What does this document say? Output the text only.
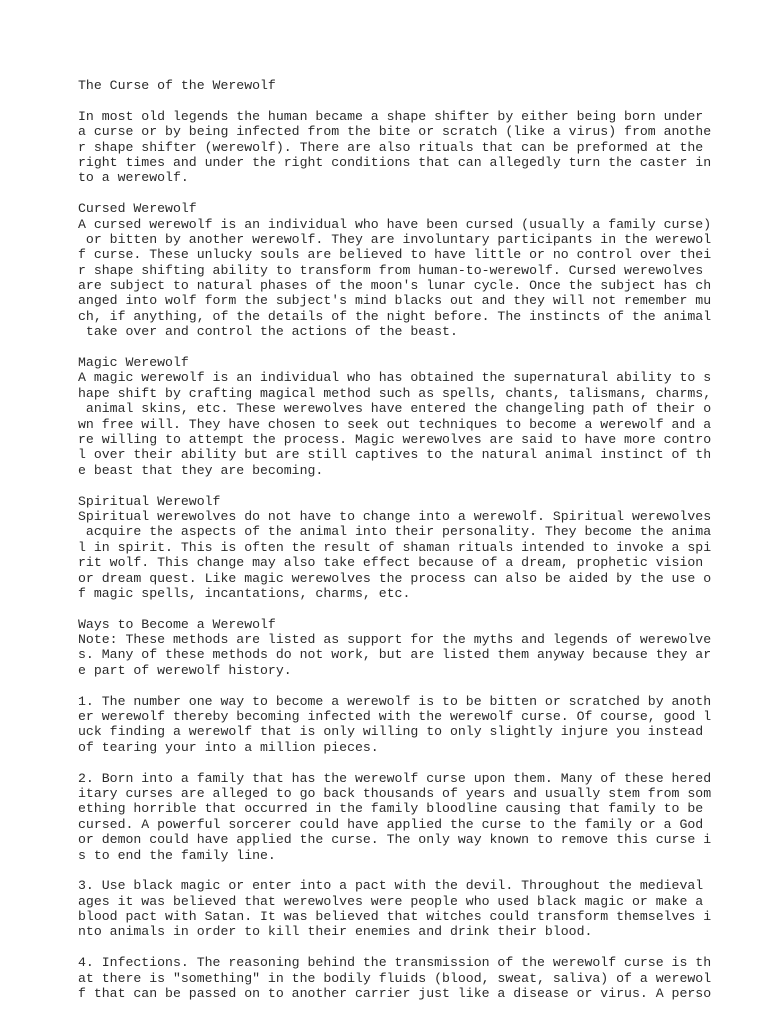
The Curse of the Werewolf
In most old legends the human became a shape shifter by either being born under
a curse or by being infected from the bite or scratch (like a virus) from anothe
r shape shifter (werewolf). There are also rituals that can be preformed at the
right times and under the right conditions that can allegedly turn the caster in
to a werewolf.
Cursed Werewolf
A cursed werewolf is an individual who have been cursed (usually a family curse)
or bitten by another werewolf. They are involuntary participants in the werewol
f curse. These unlucky souls are believed to have little or no control over thei
r shape shifting ability to transform from human-to-werewolf. Cursed werewolves
are subject to natural phases of the moon's lunar cycle. Once the subject has ch
anged into wolf form the subject's mind blacks out and they will not remember mu
ch, if anything, of the details of the night before. The instincts of the animal
take over and control the actions of the beast.
Magic Werewolf
A magic werewolf is an individual who has obtained the supernatural ability to s
hape shift by crafting magical method such as spells, chants, talismans, charms,
animal skins, etc. These werewolves have entered the changeling path of their o
wn free will. They have chosen to seek out techniques to become a werewolf and a
re willing to attempt the process. Magic werewolves are said to have more contro
l over their ability but are still captives to the natural animal instinct of th
e beast that they are becoming.
Spiritual Werewolf
Spiritual werewolves do not have to change into a werewolf. Spiritual werewolves
acquire the aspects of the animal into their personality. They become the anima
l in spirit. This is often the result of shaman rituals intended to invoke a spi
rit wolf. This change may also take effect because of a dream, prophetic vision
or dream quest. Like magic werewolves the process can also be aided by the use o
f magic spells, incantations, charms, etc.
Ways to Become a Werewolf
Note: These methods are listed as support for the myths and legends of werewolve
s. Many of these methods do not work, but are listed them anyway because they ar
e part of werewolf history.
1. The number one way to become a werewolf is to be bitten or scratched by anoth
er werewolf thereby becoming infected with the werewolf curse. Of course, good l
uck finding a werewolf that is only willing to only slightly injure you instead
of tearing your into a million pieces.
2. Born into a family that has the werewolf curse upon them. Many of these hered
itary curses are alleged to go back thousands of years and usually stem from som
ething horrible that occurred in the family bloodline causing that family to be
cursed. A powerful sorcerer could have applied the curse to the family or a God
or demon could have applied the curse. The only way known to remove this curse i
s to end the family line.
3. Use black magic or enter into a pact with the devil. Throughout the medieval
ages it was believed that werewolves were people who used black magic or make a
blood pact with Satan. It was believed that witches could transform themselves i
nto animals in order to kill their enemies and drink their blood.
4. Infections. The reasoning behind the transmission of the werewolf curse is th
at there is "something" in the bodily fluids (blood, sweat, saliva) of a werewol
f that can be passed on to another carrier just like a disease or virus. A perso
